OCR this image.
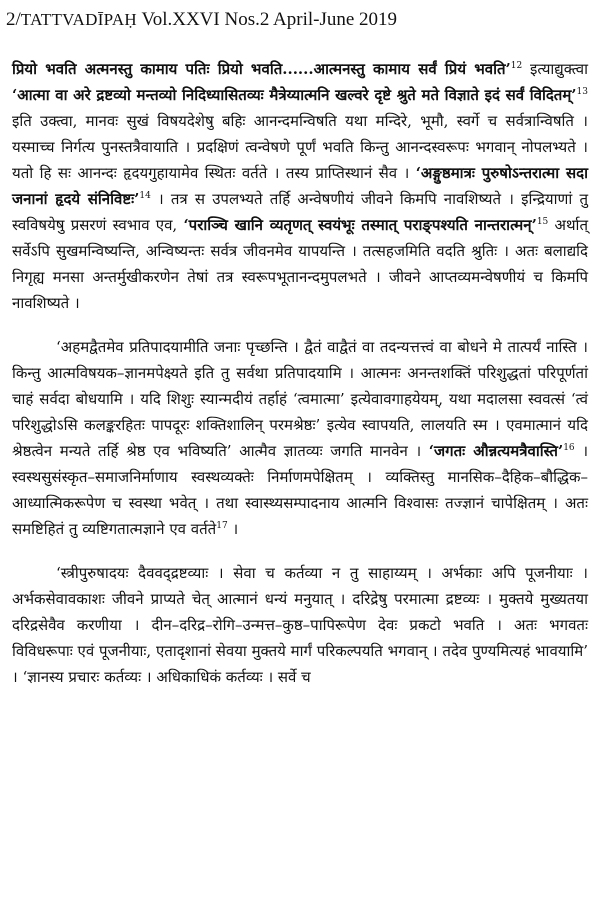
2/TATTVADĪPAḤ Vol.XXVI Nos.2 April-June 2019

प्रियो भवति अत्मनस्तु कामाय पतिः प्रियो भवति......आत्मनस्तु कामाय सर्वं प्रियं भवति’$^{12}$ इत्याद्युक्त्वा ‘आत्मा वा अरे द्रष्टव्यो मन्तव्यो निदिध्यासितव्यः मैत्रेय्यात्मनि खल्वरे दृष्टे श्रुते मते विज्ञाते इदं सर्वं विदितम्’$^{13}$ इति उक्त्वा, मानवः सुखं विषयदेशेषु बहिः आनन्दमन्विषति यथा मन्दिरे, भूमौ, स्वर्गे च सर्वत्रान्विषति । यस्माच्च निर्गत्य पुनस्तत्रैवायाति । प्रदक्षिणं त्वन्वेषणे पूर्णं भवति किन्तु आनन्दस्वरूपः भगवान् नोपलभ्यते । यतो हि सः आनन्दः हृदयगुहायामेव स्थितः वर्तते । तस्य प्राप्तिस्थानं सैव । ‘अङ्गुष्ठमात्रः पुरुषोऽन्तरात्मा सदा जनानां हृदये संनिविष्टः’$^{14}$ । तत्र स उपलभ्यते तर्हि अन्वेषणीयं जीवने किमपि नावशिष्यते । इन्द्रियाणां तु स्वविषयेषु प्रसरणं स्वभाव एव, ‘पराञ्चि खानि व्यतृणत् स्वयंभूः तस्मात् पराङ्पश्यति नान्तरात्मन्’$^{15}$ अर्थात् सर्वेऽपि सुखमन्विष्यन्ति, अन्विष्यन्तः सर्वत्र जीवनमेव यापयन्ति । तत्सहजमिति वदति श्रुतिः । अतः बलाद्यदि निगृह्य मनसा अन्तर्मुखीकरणेन तेषां तत्र स्वरूपभूतानन्दमुपलभते । जीवने आप्तव्यमन्वेषणीयं च किमपि नावशिष्यते ।

‘अहमद्वैतमेव प्रतिपादयामीति जनाः पृच्छन्ति । द्वैतं वाद्वैतं वा तदन्यत्तत्त्वं वा बोधने मे तात्पर्यं नास्ति । किन्तु आत्मविषयक–ज्ञानमपेक्ष्यते इति तु सर्वथा प्रतिपादयामि । आत्मनः अनन्तशक्तिं परिशुद्धतां परिपूर्णतां चाहं सर्वदा बोधयामि । यदि शिशुः स्यान्मदीयं तर्हाहं ‘त्वमात्मा’ इत्येवावगाहयेयम्, यथा मदालसा स्ववत्सं ‘त्वं परिशुद्धोऽसि कलङ्करहितः पापदूरः शक्तिशालिन् परमश्रेष्ठः’ इत्येव स्वापयति, लालयति स्म । एवमात्मानं यदि श्रेष्ठत्वेन मन्यते तर्हि श्रेष्ठ एव भविष्यति’ आत्मैव ज्ञातव्यः जगति मानवेन । ‘जगतः औन्नत्यमत्रैवास्ति’$^{16}$ । स्वस्थसुसंस्कृत–समाजनिर्माणाय स्वस्थव्यक्तेः निर्माणमपेक्षितम् । व्यक्तिस्तु मानसिक–दैहिक–बौद्धिक–आध्यात्मिकरूपेण च स्वस्था भवेत् । तथा स्वास्थ्यसम्पादनाय आत्मनि विश्वासः तज्ज्ञानं चापेक्षितम् । अतः समष्टिहितं तु व्यष्टिगतात्मज्ञाने एव वर्तते$^{17}$ ।

‘स्त्रीपुरुषादयः दैववद्द्रष्टव्याः । सेवा च कर्तव्या न तु साहाय्यम् । अर्भकाः अपि पूजनीयाः । अर्भकसेवावकाशः जीवने प्राप्यते चेत् आत्मानं धन्यं मनुयात् । दरिद्रेषु परमात्मा द्रष्टव्यः । मुक्तये मुख्यतया दरिद्रसेवैव करणीया । दीन–दरिद्र–रोगि–उन्मत्त–कुष्ठ–पापिरूपेण देवः प्रकटो भवति । अतः भगवतः विविधरूपाः एवं पूजनीयाः, एतादृशानां सेवया मुक्तये मार्गं परिकल्पयति भगवान् । तदेव पुण्यमित्यहं भावयामि’ । ‘ज्ञानस्य प्रचारः कर्तव्यः । अधिकाधिकं कर्तव्यः । सर्वे च
